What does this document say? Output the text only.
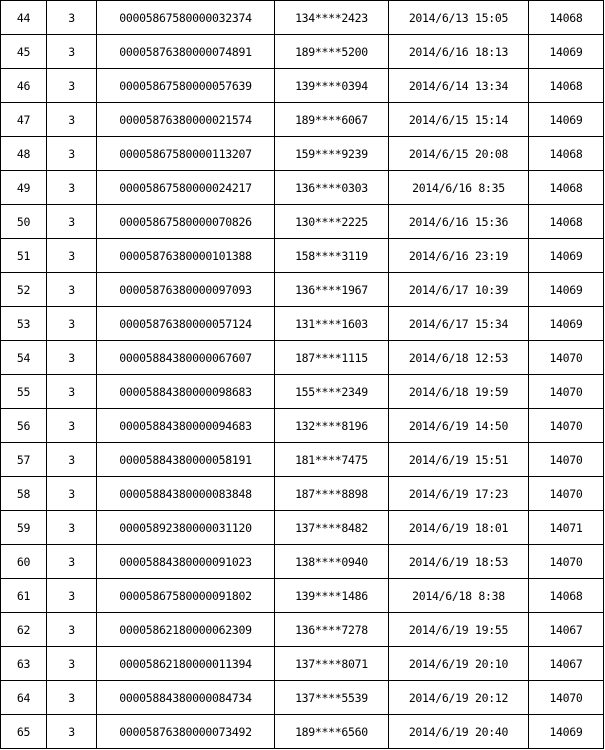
44	3	00005867580000032374	134****2423	2014/6/13 15:05	14068
45	3	00005876380000074891	189****5200	2014/6/16 18:13	14069
46	3	00005867580000057639	139****0394	2014/6/14 13:34	14068
47	3	00005876380000021574	189****6067	2014/6/15 15:14	14069
48	3	00005867580000113207	159****9239	2014/6/15 20:08	14068
49	3	00005867580000024217	136****0303	2014/6/16 8:35	14068
50	3	00005867580000070826	130****2225	2014/6/16 15:36	14068
51	3	00005876380000101388	158****3119	2014/6/16 23:19	14069
52	3	00005876380000097093	136****1967	2014/6/17 10:39	14069
53	3	00005876380000057124	131****1603	2014/6/17 15:34	14069
54	3	00005884380000067607	187****1115	2014/6/18 12:53	14070
55	3	00005884380000098683	155****2349	2014/6/18 19:59	14070
56	3	00005884380000094683	132****8196	2014/6/19 14:50	14070
57	3	00005884380000058191	181****7475	2014/6/19 15:51	14070
58	3	00005884380000083848	187****8898	2014/6/19 17:23	14070
59	3	00005892380000031120	137****8482	2014/6/19 18:01	14071
60	3	00005884380000091023	138****0940	2014/6/19 18:53	14070
61	3	00005867580000091802	139****1486	2014/6/18 8:38	14068
62	3	00005862180000062309	136****7278	2014/6/19 19:55	14067
63	3	00005862180000011394	137****8071	2014/6/19 20:10	14067
64	3	00005884380000084734	137****5539	2014/6/19 20:12	14070
65	3	00005876380000073492	189****6560	2014/6/19 20:40	14069
